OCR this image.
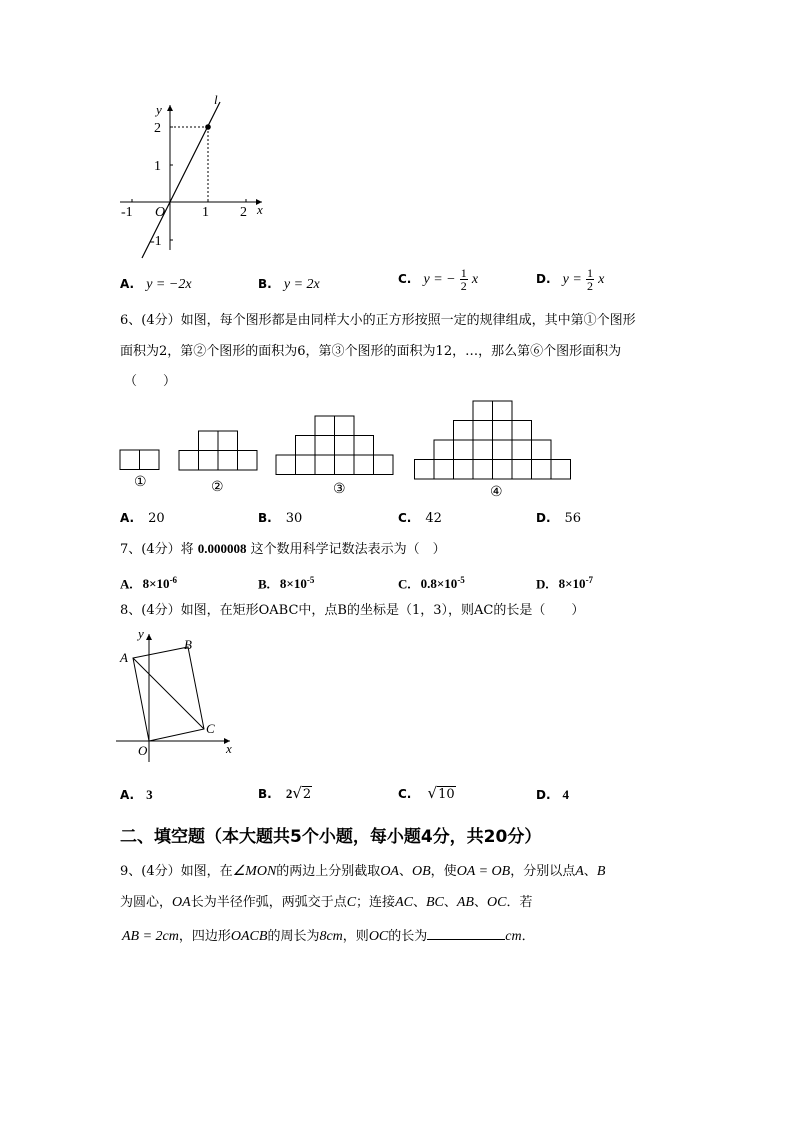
x
y
l
O
-1	1 2
2
1
-1
A. y = −2x	B. y = 2x	C. y = − $\frac{1}{2}$ x	D. $y = \frac{1}{2}$ x
6、(4分）如图，每个图形都是由同样大小的正方形按照一定的规律组成，其中第①个图形
面积为2，第②个图形的面积为6，第③个图形的面积为12，…，那么第⑥个图形面积为
（　　）
①	②	③	④
A. 20	B. 30	C. 42	D. 56
7、(4分）将 0.000008 这个数用科学记数法表示为（　）
A. $8\times 10^{-6}$	B. $8\times 10^{-5}$	C. $0.8\times 10^{-5}$	D. $8\times 10^{-7}$
8、(4分）如图，在矩形OABC中，点B的坐标是（1，3），则AC的长是（　　）
y
x
A
B
C
O
A. 3	B. 2√2	C. √10	D. 4
二、填空题（本大题共5个小题，每小题4分，共20分）
9、(4分）如图，在∠MON的两边上分别截取OA、OB，使OA = OB，分别以点A、B
为圆心，OA长为半径作弧，两弧交于点C；连接AC、BC、AB、OC．若
AB = 2cm，四边形OACB的周长为8cm，则OC的长为	cm．
